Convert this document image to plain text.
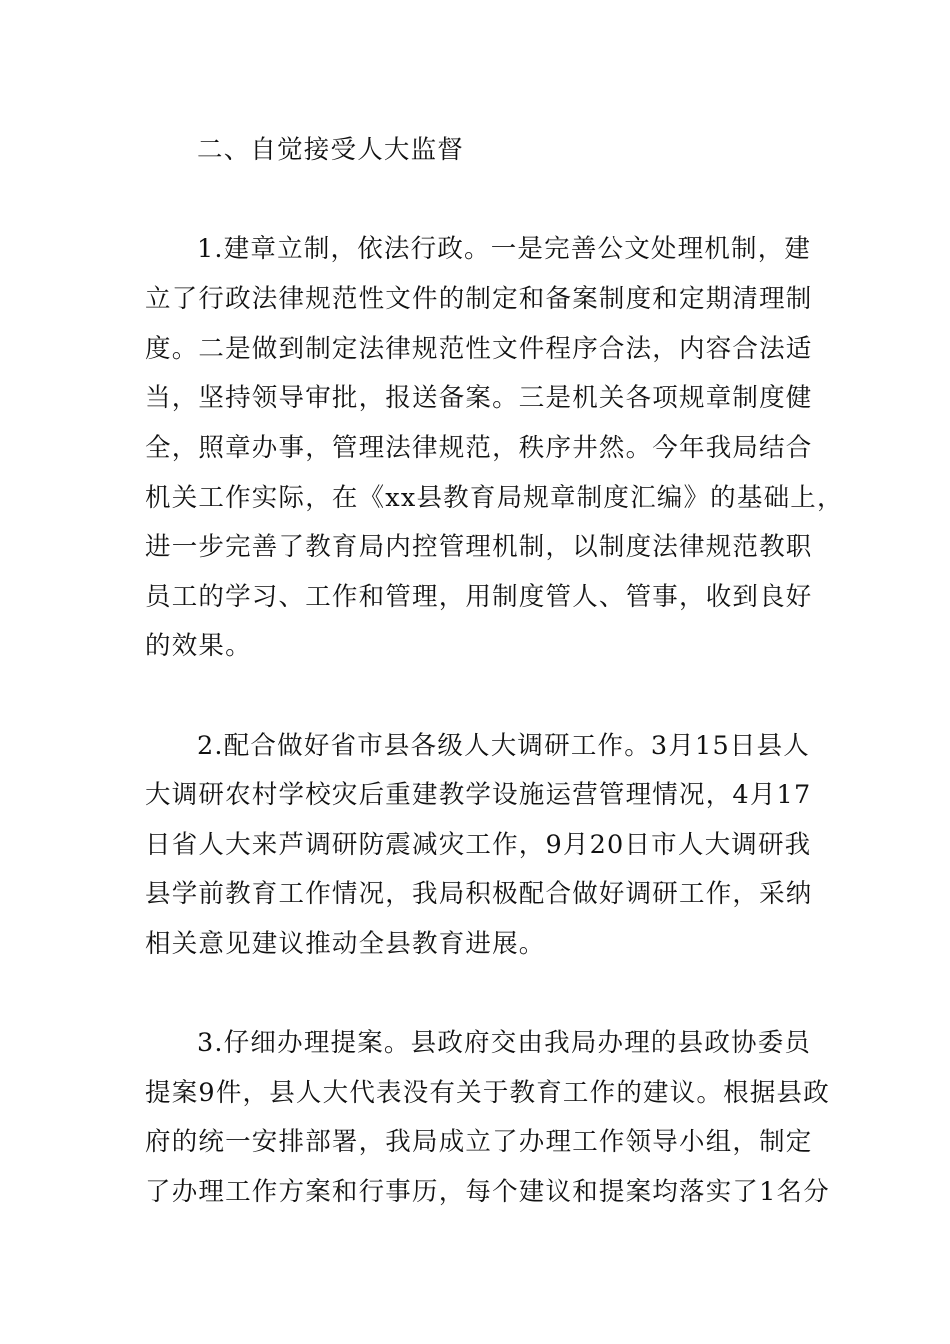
二、自觉接受人大监督
1.建章立制，依法行政。一是完善公文处理机制，建
立了行政法律规范性文件的制定和备案制度和定期清理制
度。二是做到制定法律规范性文件程序合法，内容合法适
当，坚持领导审批，报送备案。三是机关各项规章制度健
全，照章办事，管理法律规范，秩序井然。今年我局结合
机关工作实际，在《xx县教育局规章制度汇编》的基础上，
进一步完善了教育局内控管理机制，以制度法律规范教职
员工的学习、工作和管理，用制度管人、管事，收到良好
的效果。
2.配合做好省市县各级人大调研工作。3月15日县人
大调研农村学校灾后重建教学设施运营管理情况，4月17
日省人大来芦调研防震减灾工作，9月20日市人大调研我
县学前教育工作情况，我局积极配合做好调研工作，采纳
相关意见建议推动全县教育进展。
3.仔细办理提案。县政府交由我局办理的县政协委员
提案9件，县人大代表没有关于教育工作的建议。根据县政
府的统一安排部署，我局成立了办理工作领导小组，制定
了办理工作方案和行事历，每个建议和提案均落实了1名分
